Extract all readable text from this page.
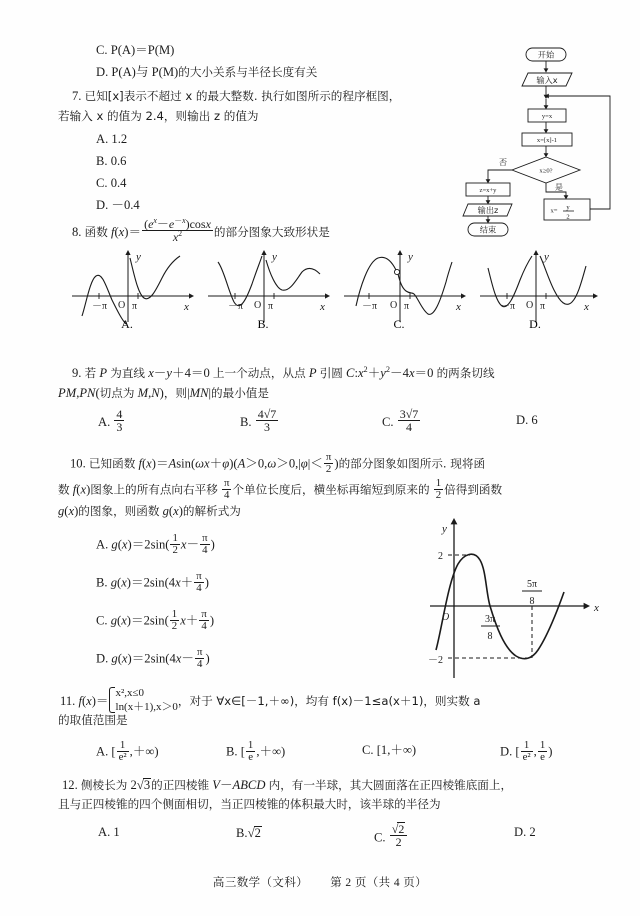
C. P(A)＝P(M)
D. P(A)与 P(M)的大小关系与半径长度有关
7. 已知[x]表示不超过 x 的最大整数. 执行如图所示的程序框图，
若输入 x 的值为 2.4，则输出 z 的值为
A. 1.2
B. 0.6
C. 0.4
D. －0.4
开始
输入x
y=x
x=[x]-1
x≥0?
否
z=x+y
输出z
结束
是
x= y
2
8. 函数 $f(x)= \frac{(e^x-e^{-x})\cos x}{x^2}$ 的部分图象大致形状是
y
x
O
－π π
A.
y
x
O
－π π
B.
y
x
O
－π	π
C.
y
x
O
－π π
D.
9. 若 P 为直线 x－y＋4＝0 上一个动点，从点 P 引圆 $C:x^2+y^2-4x=0$ 的两条切线
PM,PN(切点为 M,N)，则|MN|的最小值是
A. $\frac{4}{3}$	B. $\frac{4√7}{3}$	C. $\frac{3√7}{4}$	D. 6
10. 已知函数 $f(x)=Asin(\omega x+\varphi)(A>0,\omega>0,|\varphi|< \frac{\pi}{2}$ )的部分图象如图所示. 现将函
数 f(x)图象上的所有点向右平移 $\frac{\pi}{4}$ 个单位长度后，横坐标再缩短到原来的 $\frac{1}{2}$ 倍得到函数
g(x)的图象，则函数 g(x)的解析式为
A. $g(x)=2\sin( \frac{1}{2} x- \frac{\pi}{4}$ )
B. $g(x)=2\sin(4x+ \frac{\pi}{4}$ )
C. $g(x)=2\sin( \frac{1}{2} x+ \frac{\pi}{4}$ )
D. $g(x)=2\sin(4x- \frac{\pi}{4}$ )
y
x
O
2
－2
3π
8
5π
8
11. f(x)＝
x²,x≤0
ln(x＋1),x＞0 ，对于 ∀x∈[－1,＋∞)，均有 f(x)－1≤a(x＋1)，则实数 a
的取值范围是
A. [ $\frac{1}{\text{e²}}$ ,＋∞)	B. [ $\frac{1}{e}$ ,＋∞)	C. [1,＋∞)	D. [ $\frac{1}{\text{e²}}$ , $\frac{1}{e}$ )
12. 侧棱长为 2√3的正四棱锥 V－ABCD 内，有一半球，其大圆面落在正四棱锥底面上，
且与正四棱锥的四个侧面相切，当正四棱锥的体积最大时，该半球的半径为
A. 1	B.√2	C. $\frac{√2}{2}$	D. 2
高三数学（文科） 第 2 页（共 4 页）
